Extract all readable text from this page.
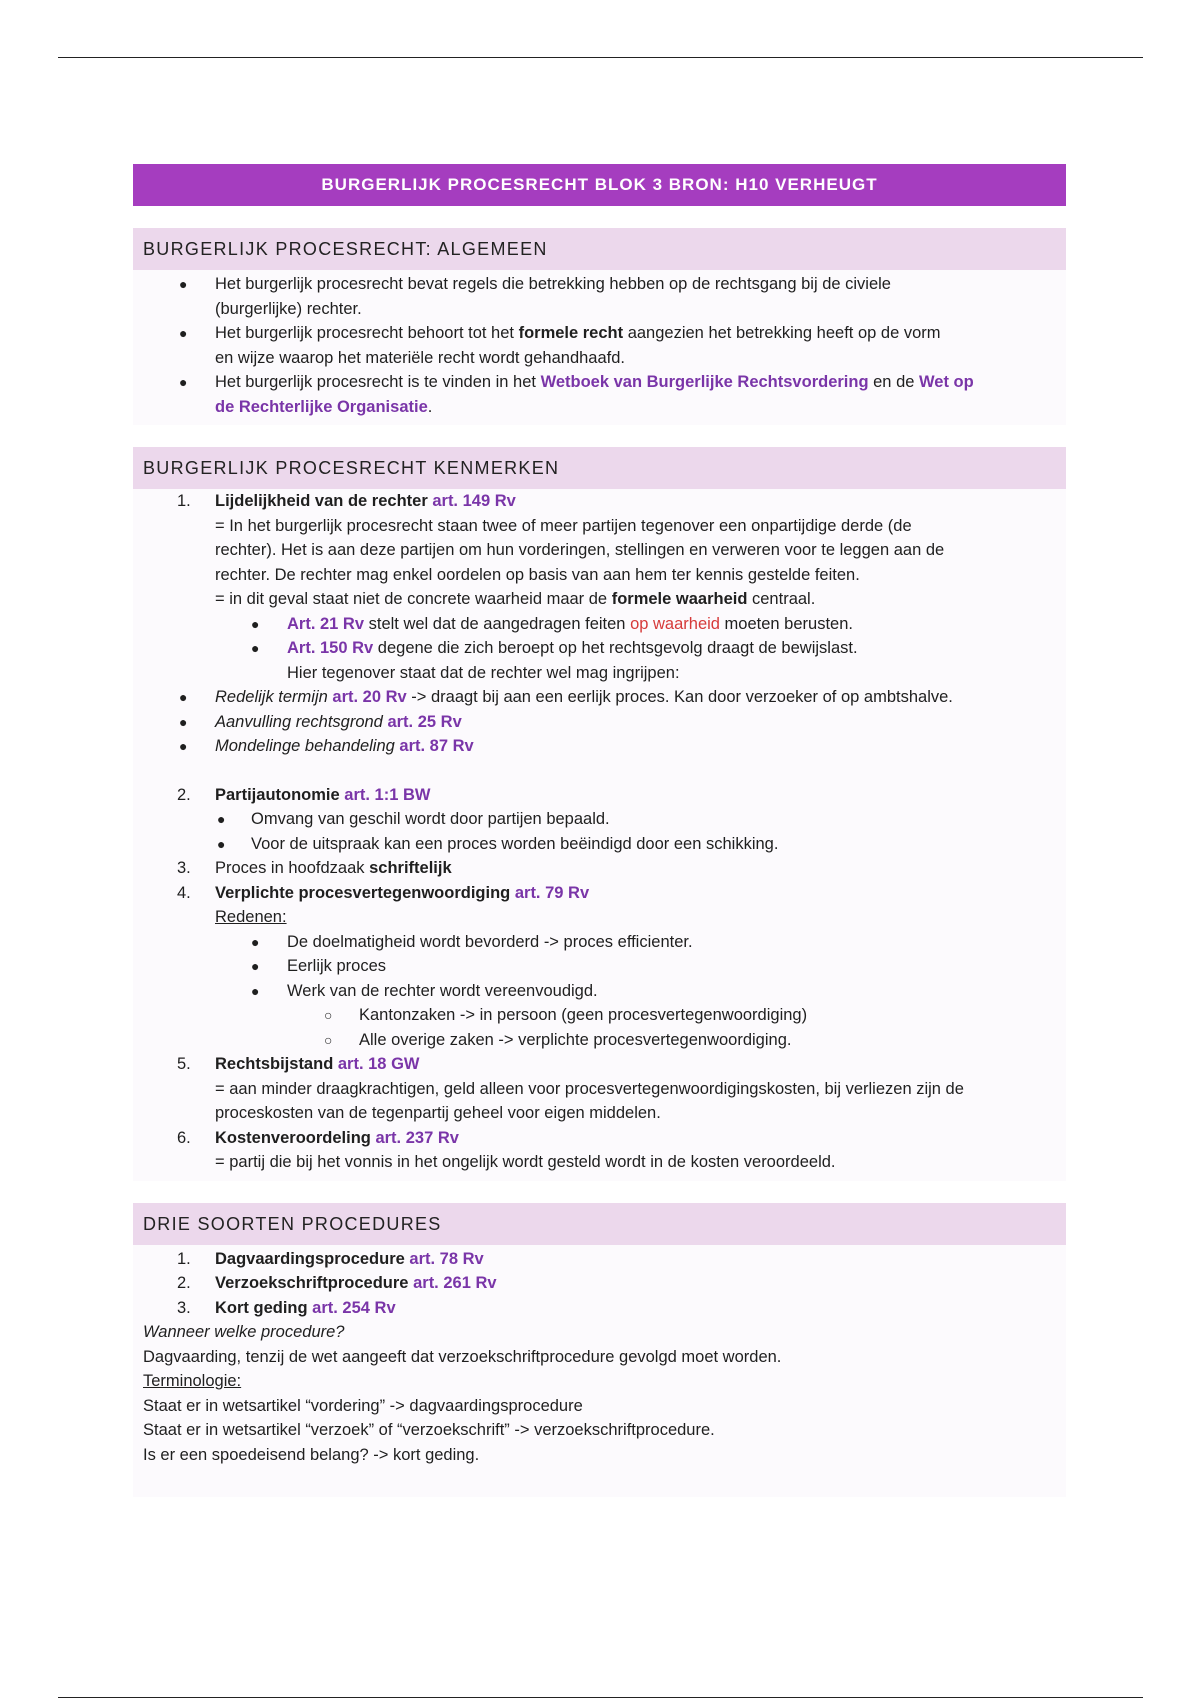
BURGERLIJK PROCESRECHT BLOK 3 BRON: H10 VERHEUGT
BURGERLIJK PROCESRECHT: ALGEMEEN
● Het burgerlijk procesrecht bevat regels die betrekking hebben op de rechtsgang bij de civiele
(burgerlijke) rechter.
● Het burgerlijk procesrecht behoort tot het formele recht aangezien het betrekking heeft op de vorm
en wijze waarop het materiële recht wordt gehandhaafd.
● Het burgerlijk procesrecht is te vinden in het Wetboek van Burgerlijke Rechtsvordering en de Wet op
de Rechterlijke Organisatie.
BURGERLIJK PROCESRECHT KENMERKEN
1. Lijdelijkheid van de rechter art. 149 Rv
= In het burgerlijk procesrecht staan twee of meer partijen tegenover een onpartijdige derde (de
rechter). Het is aan deze partijen om hun vorderingen, stellingen en verweren voor te leggen aan de
rechter. De rechter mag enkel oordelen op basis van aan hem ter kennis gestelde feiten.
= in dit geval staat niet de concrete waarheid maar de formele waarheid centraal.
● Art. 21 Rv stelt wel dat de aangedragen feiten op waarheid moeten berusten.
● Art. 150 Rv degene die zich beroept op het rechtsgevolg draagt de bewijslast.
Hier tegenover staat dat de rechter wel mag ingrijpen:
● Redelijk termijn art. 20 Rv -> draagt bij aan een eerlijk proces. Kan door verzoeker of op ambtshalve.
● Aanvulling rechtsgrond art. 25 Rv
● Mondelinge behandeling art. 87 Rv
2. Partijautonomie art. 1:1 BW
● Omvang van geschil wordt door partijen bepaald.
● Voor de uitspraak kan een proces worden beëindigd door een schikking.
3. Proces in hoofdzaak schriftelijk
4. Verplichte procesvertegenwoordiging art. 79 Rv
Redenen:
● De doelmatigheid wordt bevorderd -> proces efficienter.
● Eerlijk proces
● Werk van de rechter wordt vereenvoudigd.
○ Kantonzaken -> in persoon (geen procesvertegenwoordiging)
○ Alle overige zaken -> verplichte procesvertegenwoordiging.
5. Rechtsbijstand art. 18 GW
= aan minder draagkrachtigen, geld alleen voor procesvertegenwoordigingskosten, bij verliezen zijn de
proceskosten van de tegenpartij geheel voor eigen middelen.
6. Kostenveroordeling art. 237 Rv
= partij die bij het vonnis in het ongelijk wordt gesteld wordt in de kosten veroordeeld.
DRIE SOORTEN PROCEDURES
1. Dagvaardingsprocedure art. 78 Rv
2. Verzoekschriftprocedure art. 261 Rv
3. Kort geding art. 254 Rv
Wanneer welke procedure?
Dagvaarding, tenzij de wet aangeeft dat verzoekschriftprocedure gevolgd moet worden.
Terminologie:
Staat er in wetsartikel “vordering” -> dagvaardingsprocedure
Staat er in wetsartikel “verzoek” of “verzoekschrift” -> verzoekschriftprocedure.
Is er een spoedeisend belang? -> kort geding.
